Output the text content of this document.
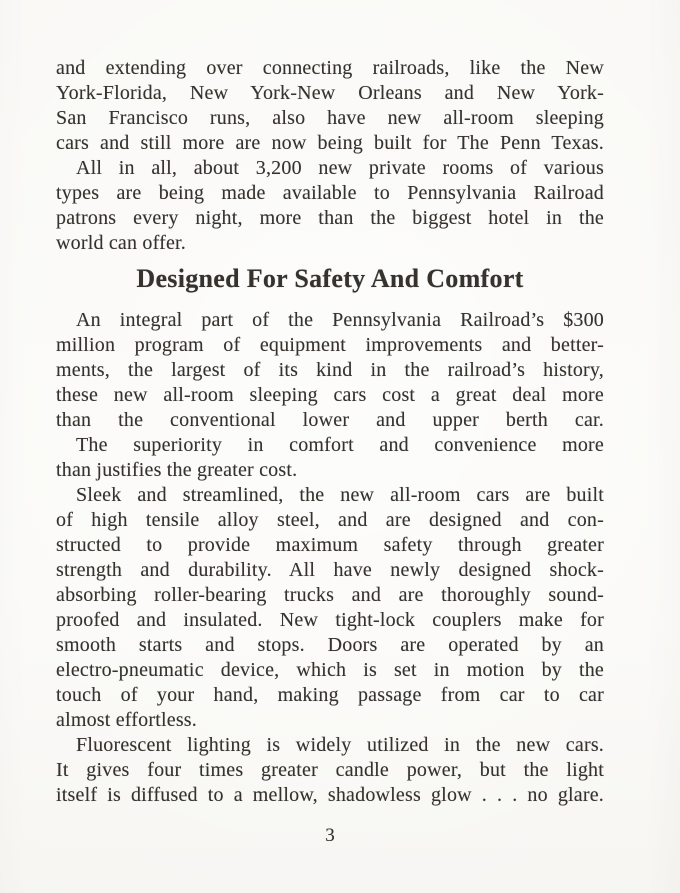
and extending over connecting railroads, like the New
York-Florida, New York-New Orleans and New York-
San Francisco runs, also have new all-room sleeping
cars and still more are now being built for The Penn Texas.
All in all, about 3,200 new private rooms of various
types are being made available to Pennsylvania Railroad
patrons every night, more than the biggest hotel in the
world can offer.
Designed For Safety And Comfort
An integral part of the Pennsylvania Railroad’s $300
million program of equipment improvements and better-
ments, the largest of its kind in the railroad’s history,
these new all-room sleeping cars cost a great deal more
than the conventional lower and upper berth car.
The superiority in comfort and convenience more
than justifies the greater cost.
Sleek and streamlined, the new all-room cars are built
of high tensile alloy steel, and are designed and con-
structed to provide maximum safety through greater
strength and durability. All have newly designed shock-
absorbing roller-bearing trucks and are thoroughly sound-
proofed and insulated. New tight-lock couplers make for
smooth starts and stops. Doors are operated by an
electro-pneumatic device, which is set in motion by the
touch of your hand, making passage from car to car
almost effortless.
Fluorescent lighting is widely utilized in the new cars.
It gives four times greater candle power, but the light
itself is diffused to a mellow, shadowless glow . . . no glare.
3
